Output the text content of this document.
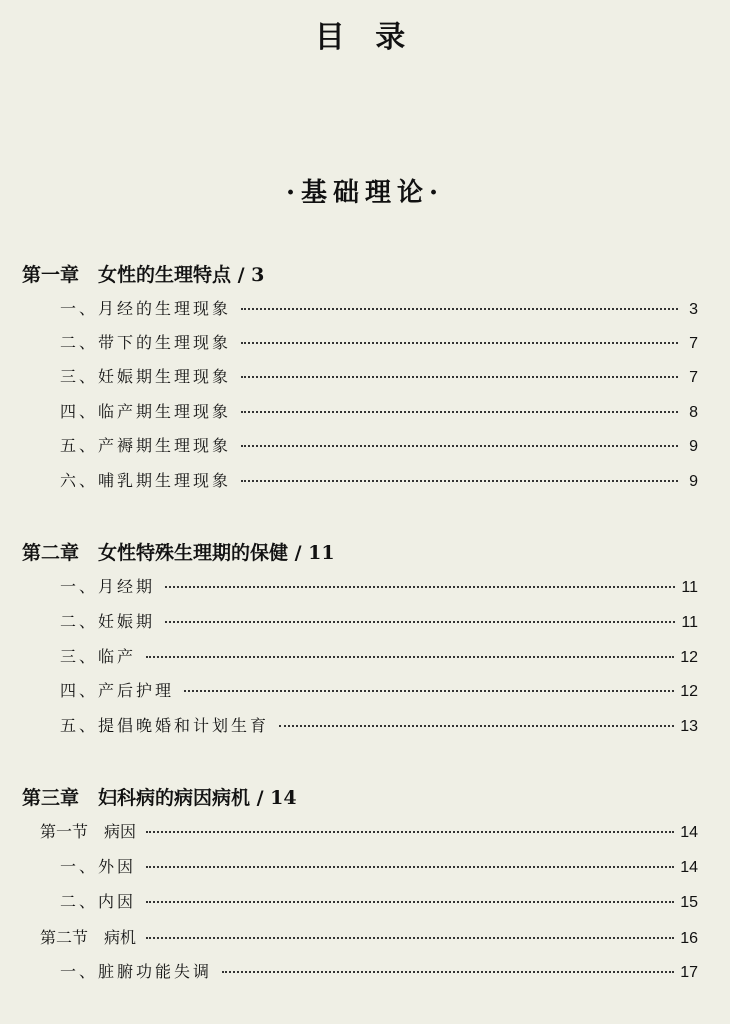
目 录
·基础理论·
第一章　女性的生理特点 / 3
一、月经的生理现象	3
二、带下的生理现象	7
三、妊娠期生理现象	7
四、临产期生理现象	8
五、产褥期生理现象	9
六、哺乳期生理现象	9
第二章　女性特殊生理期的保健 / 11
一、月经期	11
二、妊娠期	11
三、临产	12
四、产后护理	12
五、提倡晚婚和计划生育	13
第三章　妇科病的病因病机 / 14
第一节　病因	14
一、外因	14
二、内因	15
第二节　病机	16
一、脏腑功能失调	17
